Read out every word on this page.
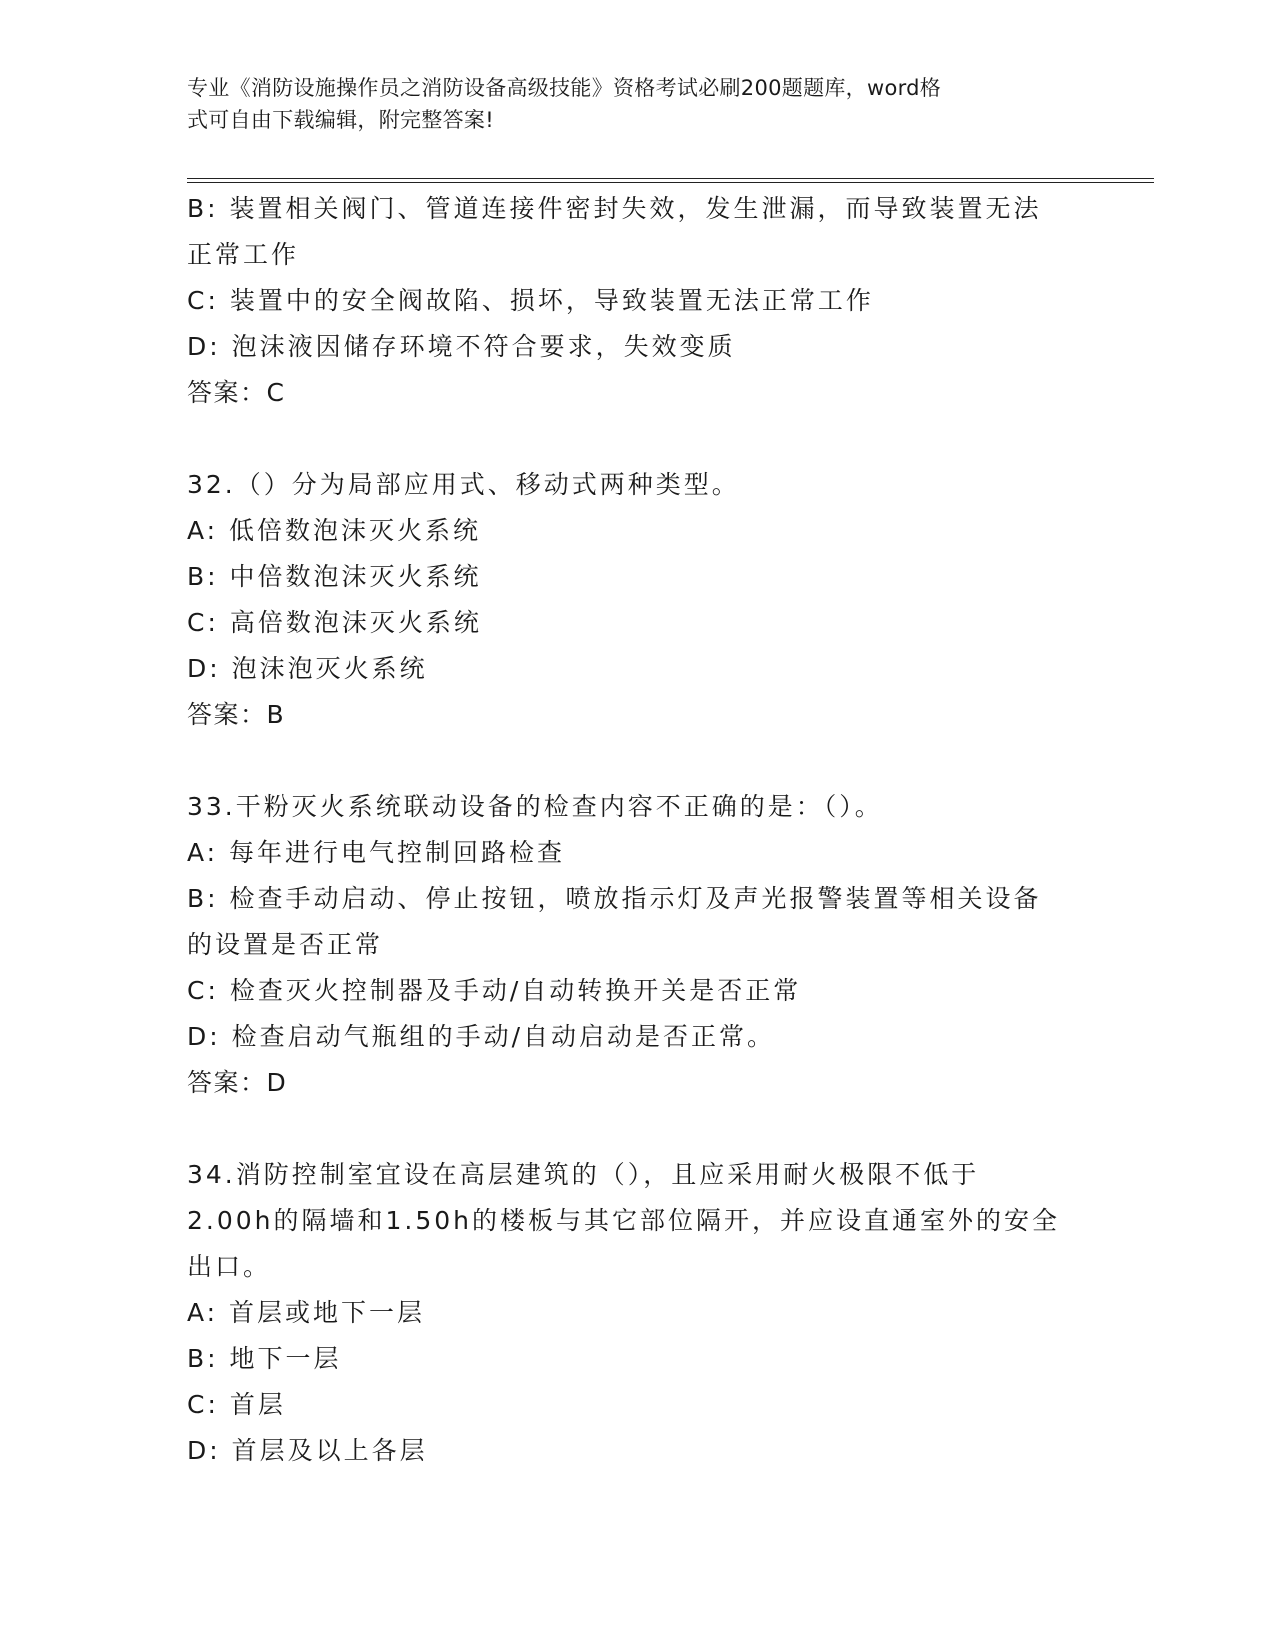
专业《消防设施操作员之消防设备高级技能》资格考试必刷200题题库，word格
式可自由下载编辑，附完整答案!

B: 装置相关阀门、管道连接件密封失效，发生泄漏，而导致装置无法

正常工作

C: 装置中的安全阀故陷、损坏，导致装置无法正常工作

D: 泡沫液因储存环境不符合要求，失效变质

答案：C

32.（）分为局部应用式、移动式两种类型。

A: 低倍数泡沫灭火系统

B: 中倍数泡沫灭火系统

C: 高倍数泡沫灭火系统

D: 泡沫泡灭火系统

答案：B

33.干粉灭火系统联动设备的检查内容不正确的是：（）。

A: 每年进行电气控制回路检查

B: 检查手动启动、停止按钮，喷放指示灯及声光报警装置等相关设备

的设置是否正常

C: 检查灭火控制器及手动/自动转换开关是否正常

D: 检查启动气瓶组的手动/自动启动是否正常。

答案：D

34.消防控制室宜设在高层建筑的（），且应采用耐火极限不低于

2.00h的隔墙和1.50h的楼板与其它部位隔开，并应设直通室外的安全

出口。

A: 首层或地下一层

B: 地下一层

C: 首层

D: 首层及以上各层
